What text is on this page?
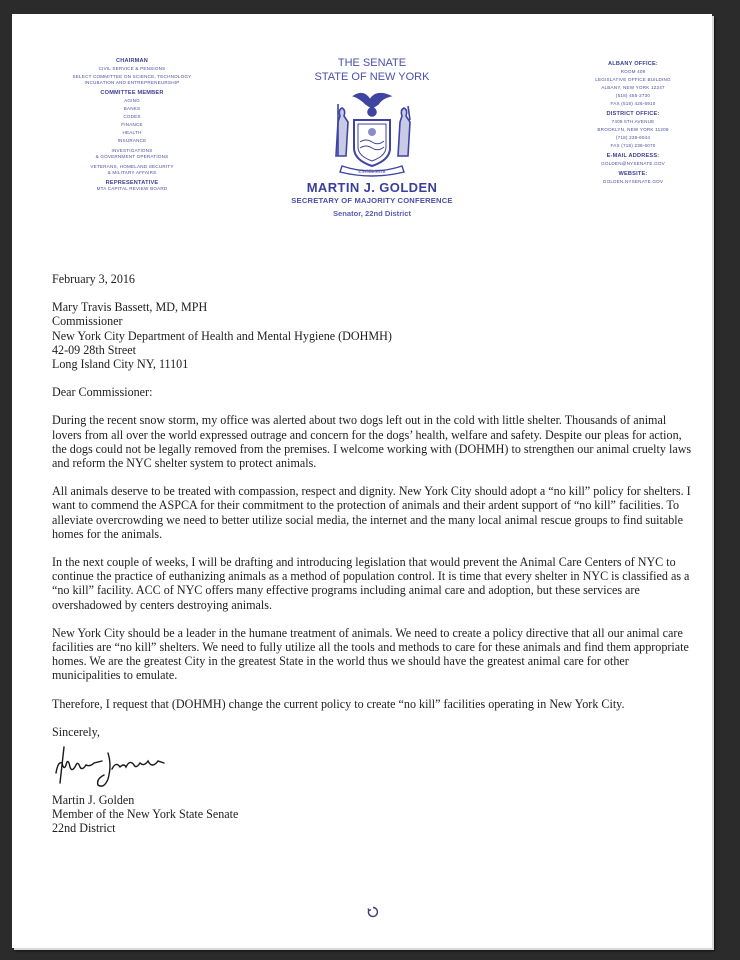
CHAIRMAN
CIVIL SERVICE & PENSIONS
SELECT COMMITTEE ON SCIENCE, TECHNOLOGY
INCUBATION AND ENTREPRENEURSHIP
COMMITTEE MEMBER
AGING
BANKS
CODES
FINANCE
HEALTH
INSURANCE
INVESTIGATIONS
& GOVERNMENT OPERATIONS
VETERANS, HOMELAND SECURITY
& MILITARY AFFAIRS
REPRESENTATIVE
MTA CAPITAL REVIEW BOARD
THE SENATE
STATE OF NEW YORK
EXCELSIOR
MARTIN J. GOLDEN
SECRETARY OF MAJORITY CONFERENCE
Senator, 22nd District
ALBANY OFFICE:
ROOM 409
LEGISLATIVE OFFICE BUILDING
ALBANY, NEW YORK 12247
(518) 455-2730
FAX (518) 426-6910
DISTRICT OFFICE:
7408 5TH AVENUE
BROOKLYN, NEW YORK 11209
(718) 238-6044
FAX (718) 238-6070
E-MAIL ADDRESS:
GOLDEN@NYSENATE.GOV
WEBSITE:
GOLDEN.NYSENATE.GOV

February 3, 2016

Mary Travis Bassett, MD, MPH

Commissioner

New York City Department of Health and Mental Hygiene (DOHMH)

42-09 28th Street

Long Island City NY, 11101

Dear Commissioner:

During the recent snow storm, my office was alerted about two dogs left out in the cold with little shelter. Thousands of animal lovers from all over the world expressed outrage and concern for the dogs’ health, welfare and safety. Despite our pleas for action, the dogs could not be legally removed from the premises. I welcome working with (DOHMH) to strengthen our animal cruelty laws and reform the NYC shelter system to protect animals.

All animals deserve to be treated with compassion, respect and dignity. New York City should adopt a “no kill” policy for shelters. I want to commend the ASPCA for their commitment to the protection of animals and their ardent support of “no kill” facilities. To alleviate overcrowding we need to better utilize social media, the internet and the many local animal rescue groups to find suitable homes for the animals.

In the next couple of weeks, I will be drafting and introducing legislation that would prevent the Animal Care Centers of NYC to continue the practice of euthanizing animals as a method of population control. It is time that every shelter in NYC is classified as a “no kill” facility. ACC of NYC offers many effective programs including animal care and adoption, but these services are overshadowed by centers destroying animals.

New York City should be a leader in the humane treatment of animals. We need to create a policy directive that all our animal care facilities are “no kill” shelters. We need to fully utilize all the tools and methods to care for these animals and find them appropriate homes. We are the greatest City in the greatest State in the world thus we should have the greatest animal care for other municipalities to emulate.

Therefore, I request that (DOHMH) change the current policy to create “no kill” facilities operating in New York City.

Sincerely,

Martin J. Golden

Member of the New York State Senate

22nd District
